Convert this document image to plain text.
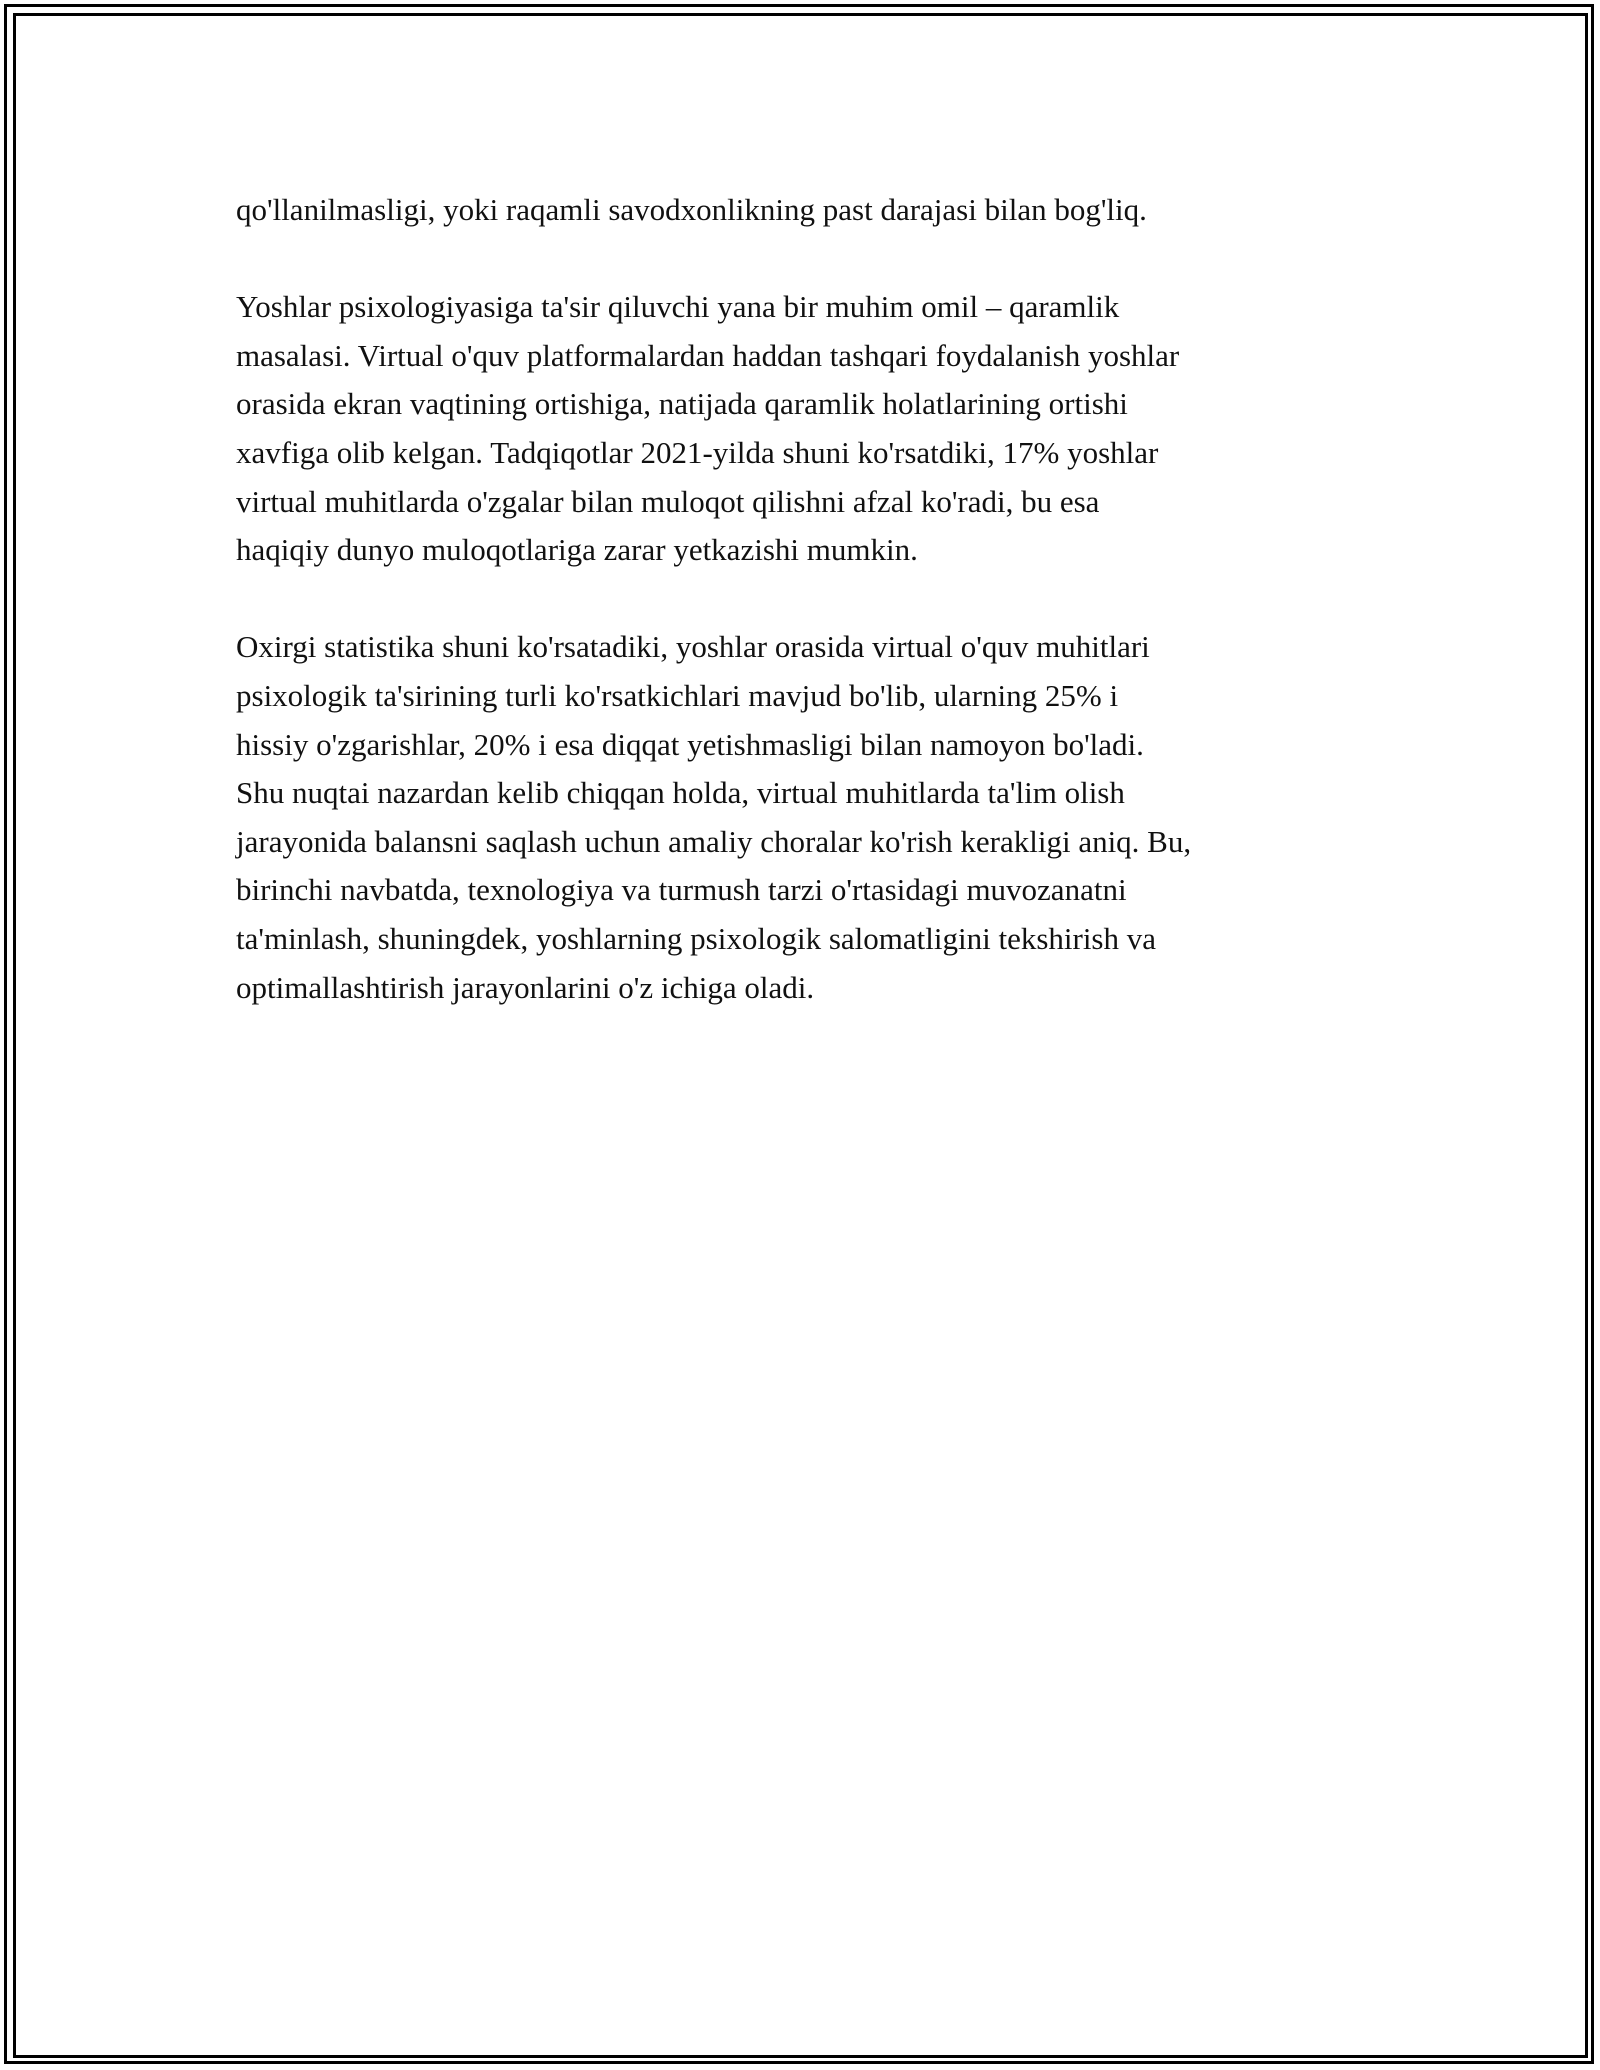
qo'llanilmasligi, yoki raqamli savodxonlikning past darajasi bilan bog'liq.

Yoshlar psixologiyasiga ta'sir qiluvchi yana bir muhim omil – qaramlik
masalasi. Virtual o'quv platformalardan haddan tashqari foydalanish yoshlar
orasida ekran vaqtining ortishiga, natijada qaramlik holatlarining ortishi
xavfiga olib kelgan. Tadqiqotlar 2021-yilda shuni ko'rsatdiki, 17% yoshlar
virtual muhitlarda o'zgalar bilan muloqot qilishni afzal ko'radi, bu esa
haqiqiy dunyo muloqotlariga zarar yetkazishi mumkin.

Oxirgi statistika shuni ko'rsatadiki, yoshlar orasida virtual o'quv muhitlari
psixologik ta'sirining turli ko'rsatkichlari mavjud bo'lib, ularning 25% i
hissiy o'zgarishlar, 20% i esa diqqat yetishmasligi bilan namoyon bo'ladi.
Shu nuqtai nazardan kelib chiqqan holda, virtual muhitlarda ta'lim olish
jarayonida balansni saqlash uchun amaliy choralar ko'rish kerakligi aniq. Bu,
birinchi navbatda, texnologiya va turmush tarzi o'rtasidagi muvozanatni
ta'minlash, shuningdek, yoshlarning psixologik salomatligini tekshirish va
optimallashtirish jarayonlarini o'z ichiga oladi.
